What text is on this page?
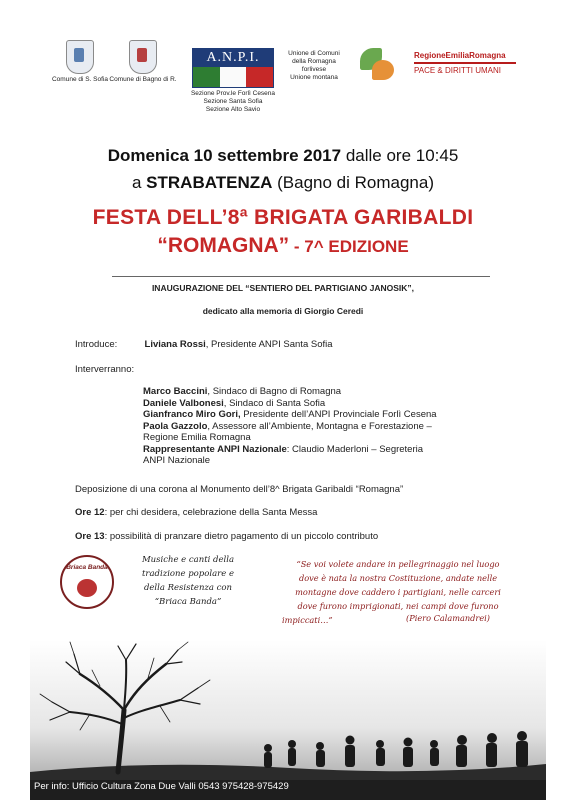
Comune di S. Sofia Comune di Bagno di R.
A.N.P.I.
Sezione Prov.le Forlì Cesena
Sezione Santa Sofia
Sezione Alto Savio
Unione di Comuni
della Romagna
forlivese
Unione montana
RegioneEmiliaRomagna
PACE & DIRITTI UMANI
Domenica 10 settembre 2017 dalle ore 10:45
a STRABATENZA (Bagno di Romagna)
FESTA DELL’8ª BRIGATA GARIBALDI
“ROMAGNA” - 7^ EDIZIONE
INAUGURAZIONE DEL “SENTIERO DEL PARTIGIANO JANOSIK”,
dedicato alla memoria di Giorgio Ceredi
Introduce:	Liviana Rossi, Presidente ANPI Santa Sofia
Interverranno:
Marco Baccini, Sindaco di Bagno di Romagna
Daniele Valbonesi, Sindaco di Santa Sofia
Gianfranco Miro Gori, Presidente dell’ANPI Provinciale Forlì Cesena
Paola Gazzolo, Assessore all’Ambiente, Montagna e Forestazione –
Regione Emilia Romagna
Rappresentante ANPI Nazionale: Claudio Maderloni – Segreteria
ANPI Nazionale
Deposizione di una corona al Monumento dell’8^ Brigata Garibaldi “Romagna”
Ore 12: per chi desidera, celebrazione della Santa Messa
Ore 13: possibilità di pranzare dietro pagamento di un piccolo contributo
Briaca Banda
Musiche e canti della
tradizione popolare e
della Resistenza con
“Briaca Banda”
“Se voi volete andare in pellegrinaggio nel luogo
dove è nata la nostra Costituzione, andate nelle
montagne dove caddero i partigiani, nelle carceri
dove furono imprigionati, nei campi dove furono
impiccati…”	(Piero Calamandrei)
Per info: Ufficio Cultura Zona Due Valli 0543 975428-975429
